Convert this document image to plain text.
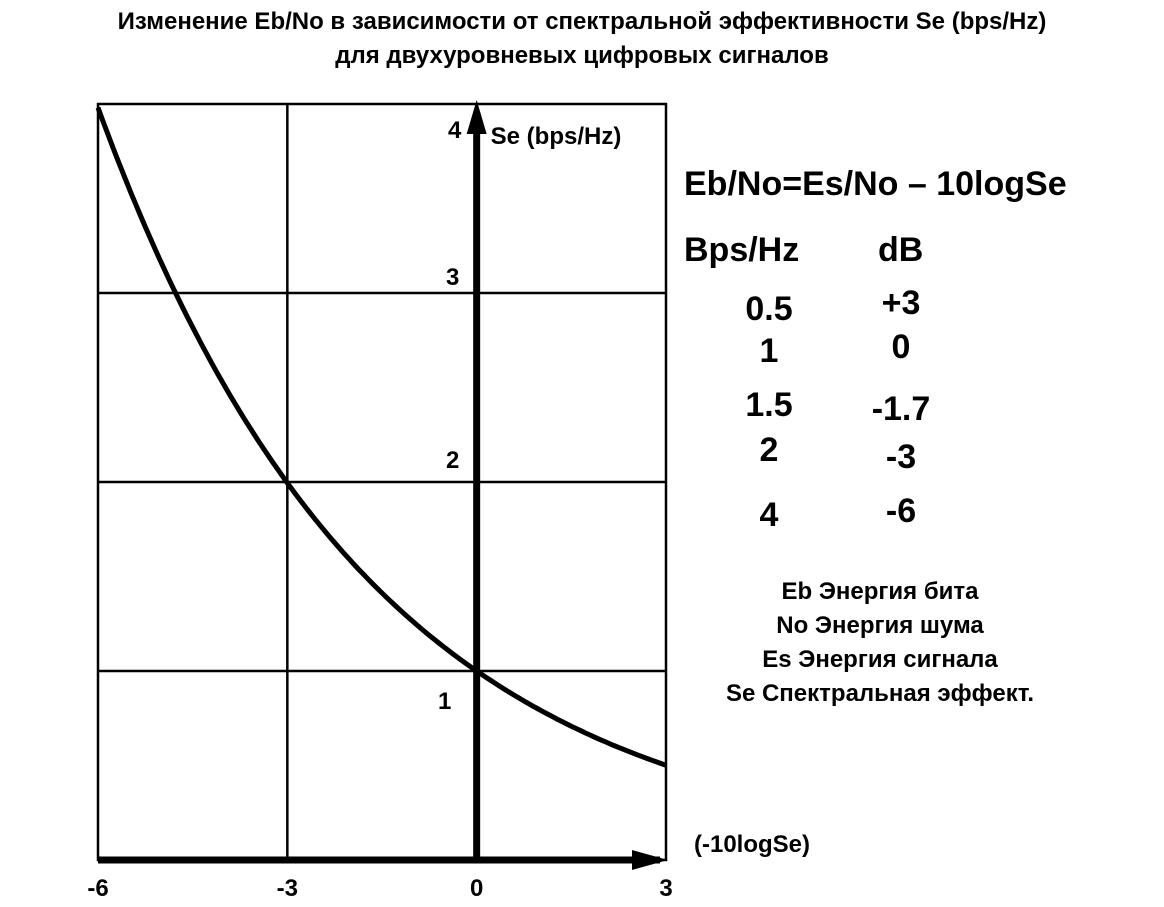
Изменение Eb/No в зависимости от спектральной эффективности Se (bps/Hz)
для двухуровневых цифровых сигналов
Se (bps/Hz)
(-10logSe)
-6	-3	0	3
1
2
3
4
Eb/No=Es/No – 10logSe
Bps/Hz dB
0.5	+3
1	0
1.5	-1.7
2	-3
4	-6
Eb Энергия бита
No Энергия шума
Es Энергия сигнала
Se Спектральная эффект.
